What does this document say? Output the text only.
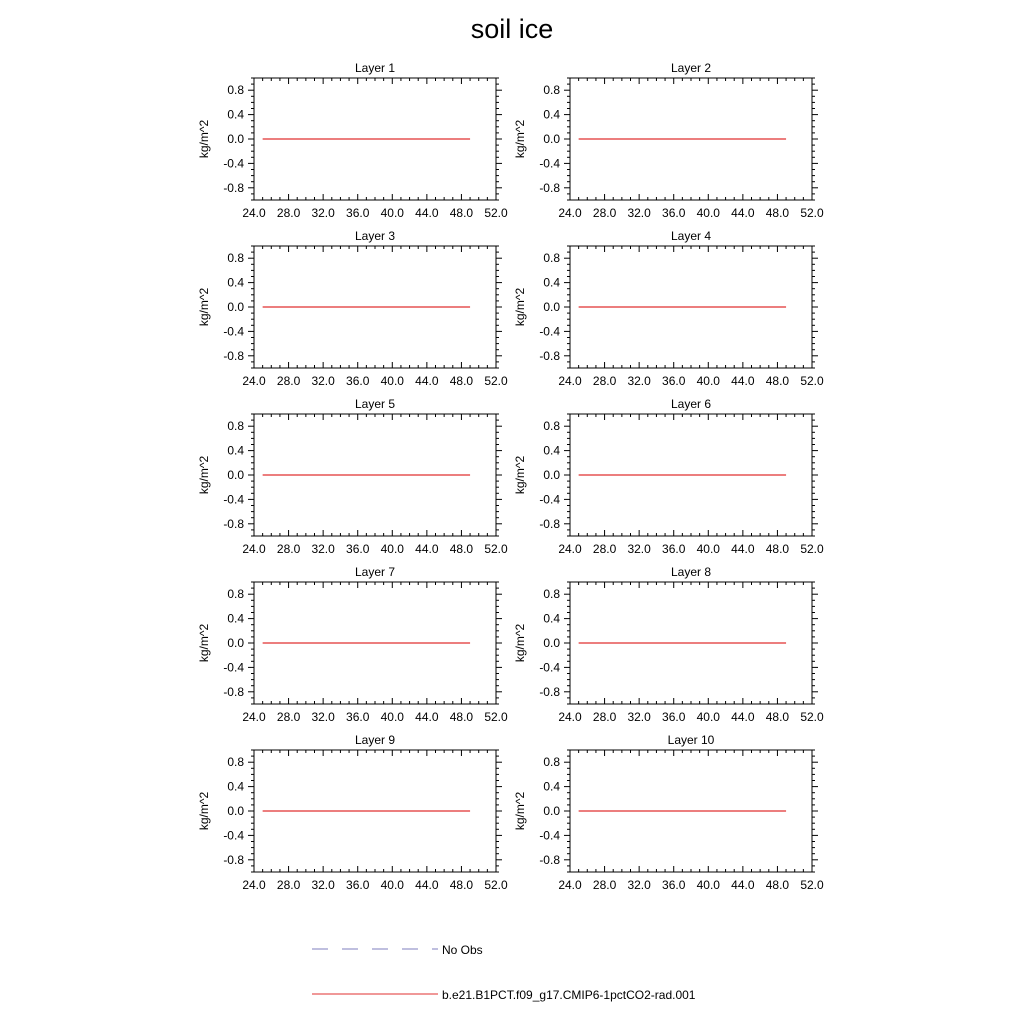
soil ice
Layer 1
24.0 28.0 32.0 36.0 40.0 44.0 48.0 52.0
0.8
0.4
0.0
-0.4
-0.8
kg/m^2
Layer 2
24.0 28.0 32.0 36.0 40.0 44.0 48.0 52.0
0.8
0.4
0.0
-0.4
-0.8
kg/m^2
Layer 3
24.0 28.0 32.0 36.0 40.0 44.0 48.0 52.0
0.8
0.4
0.0
-0.4
-0.8
kg/m^2
Layer 4
24.0 28.0 32.0 36.0 40.0 44.0 48.0 52.0
0.8
0.4
0.0
-0.4
-0.8
kg/m^2
Layer 5
24.0 28.0 32.0 36.0 40.0 44.0 48.0 52.0
0.8
0.4
0.0
-0.4
-0.8
kg/m^2
Layer 6
24.0 28.0 32.0 36.0 40.0 44.0 48.0 52.0
0.8
0.4
0.0
-0.4
-0.8
kg/m^2
Layer 7
24.0 28.0 32.0 36.0 40.0 44.0 48.0 52.0
0.8
0.4
0.0
-0.4
-0.8
kg/m^2
Layer 8
24.0 28.0 32.0 36.0 40.0 44.0 48.0 52.0
0.8
0.4
0.0
-0.4
-0.8
kg/m^2
Layer 9
24.0 28.0 32.0 36.0 40.0 44.0 48.0 52.0
0.8
0.4
0.0
-0.4
-0.8
kg/m^2
Layer 10
24.0 28.0 32.0 36.0 40.0 44.0 48.0 52.0
0.8
0.4
0.0
-0.4
-0.8
kg/m^2
No Obs
b.e21.B1PCT.f09_g17.CMIP6-1pctCO2-rad.001
